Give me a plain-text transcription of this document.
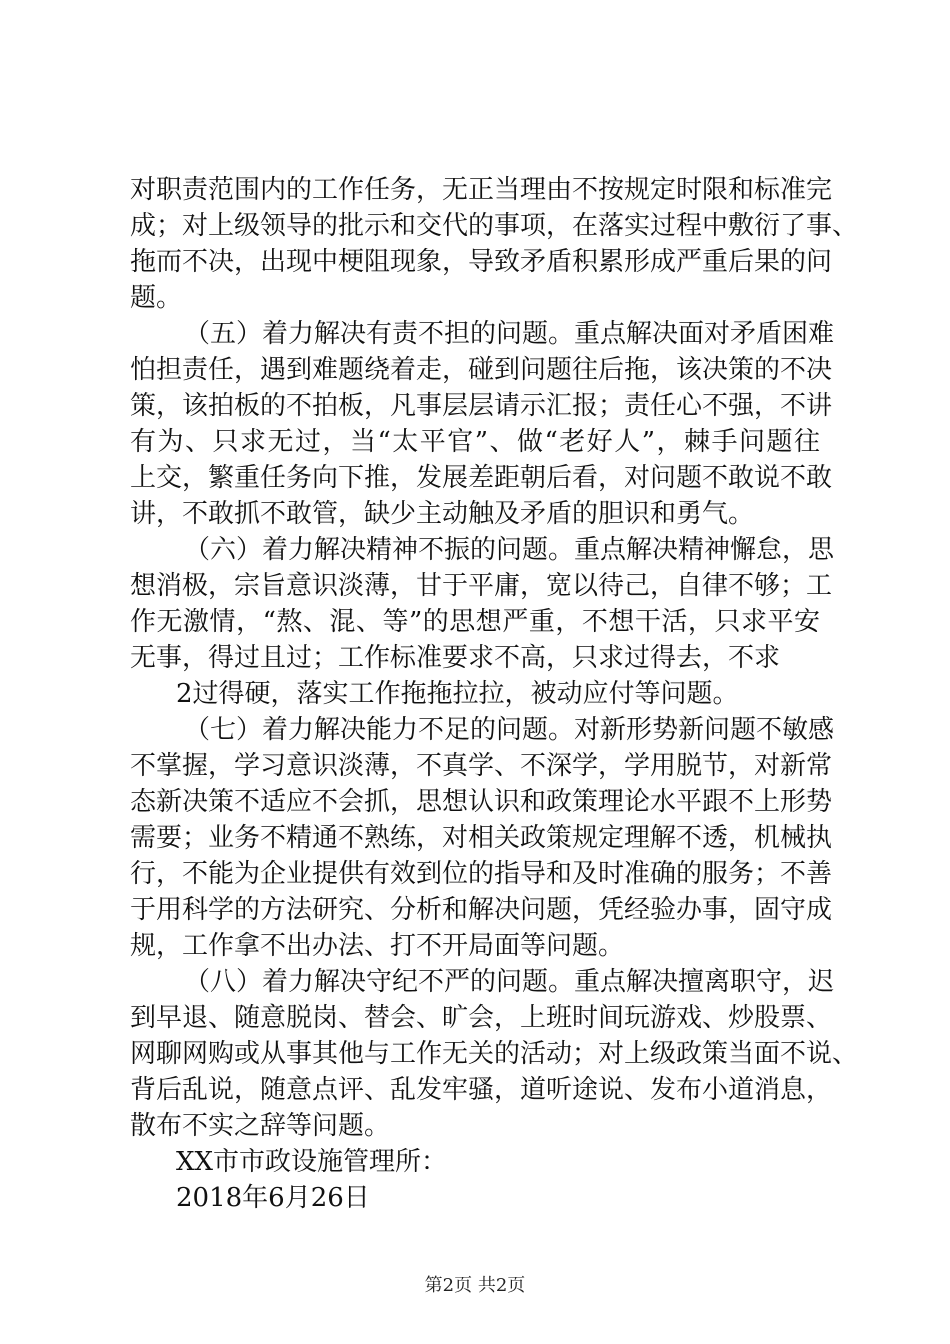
对职责范围内的工作任务，无正当理由不按规定时限和标准完
成；对上级领导的批示和交代的事项，在落实过程中敷衍了事、
拖而不决，出现中梗阻现象，导致矛盾积累形成严重后果的问
题。
（五）着力解决有责不担的问题。重点解决面对矛盾困难
怕担责任，遇到难题绕着走，碰到问题往后拖，该决策的不决
策，该拍板的不拍板，凡事层层请示汇报；责任心不强，不讲
有为、只求无过，当“太平官”、做“老好人”，棘手问题往
上交，繁重任务向下推，发展差距朝后看，对问题不敢说不敢
讲，不敢抓不敢管，缺少主动触及矛盾的胆识和勇气。
（六）着力解决精神不振的问题。重点解决精神懈怠，思
想消极，宗旨意识淡薄，甘于平庸，宽以待己，自律不够；工
作无激情，“熬、混、等”的思想严重，不想干活，只求平安
无事，得过且过；工作标准要求不高，只求过得去，不求
2过得硬，落实工作拖拖拉拉，被动应付等问题。
（七）着力解决能力不足的问题。对新形势新问题不敏感
不掌握，学习意识淡薄，不真学、不深学，学用脱节，对新常
态新决策不适应不会抓，思想认识和政策理论水平跟不上形势
需要；业务不精通不熟练，对相关政策规定理解不透，机械执
行，不能为企业提供有效到位的指导和及时准确的服务；不善
于用科学的方法研究、分析和解决问题，凭经验办事，固守成
规，工作拿不出办法、打不开局面等问题。
（八）着力解决守纪不严的问题。重点解决擅离职守，迟
到早退、随意脱岗、替会、旷会，上班时间玩游戏、炒股票、
网聊网购或从事其他与工作无关的活动；对上级政策当面不说、
背后乱说，随意点评、乱发牢骚，道听途说、发布小道消息，
散布不实之辞等问题。
XX市市政设施管理所：
2018年6月26日
第2页 共2页
